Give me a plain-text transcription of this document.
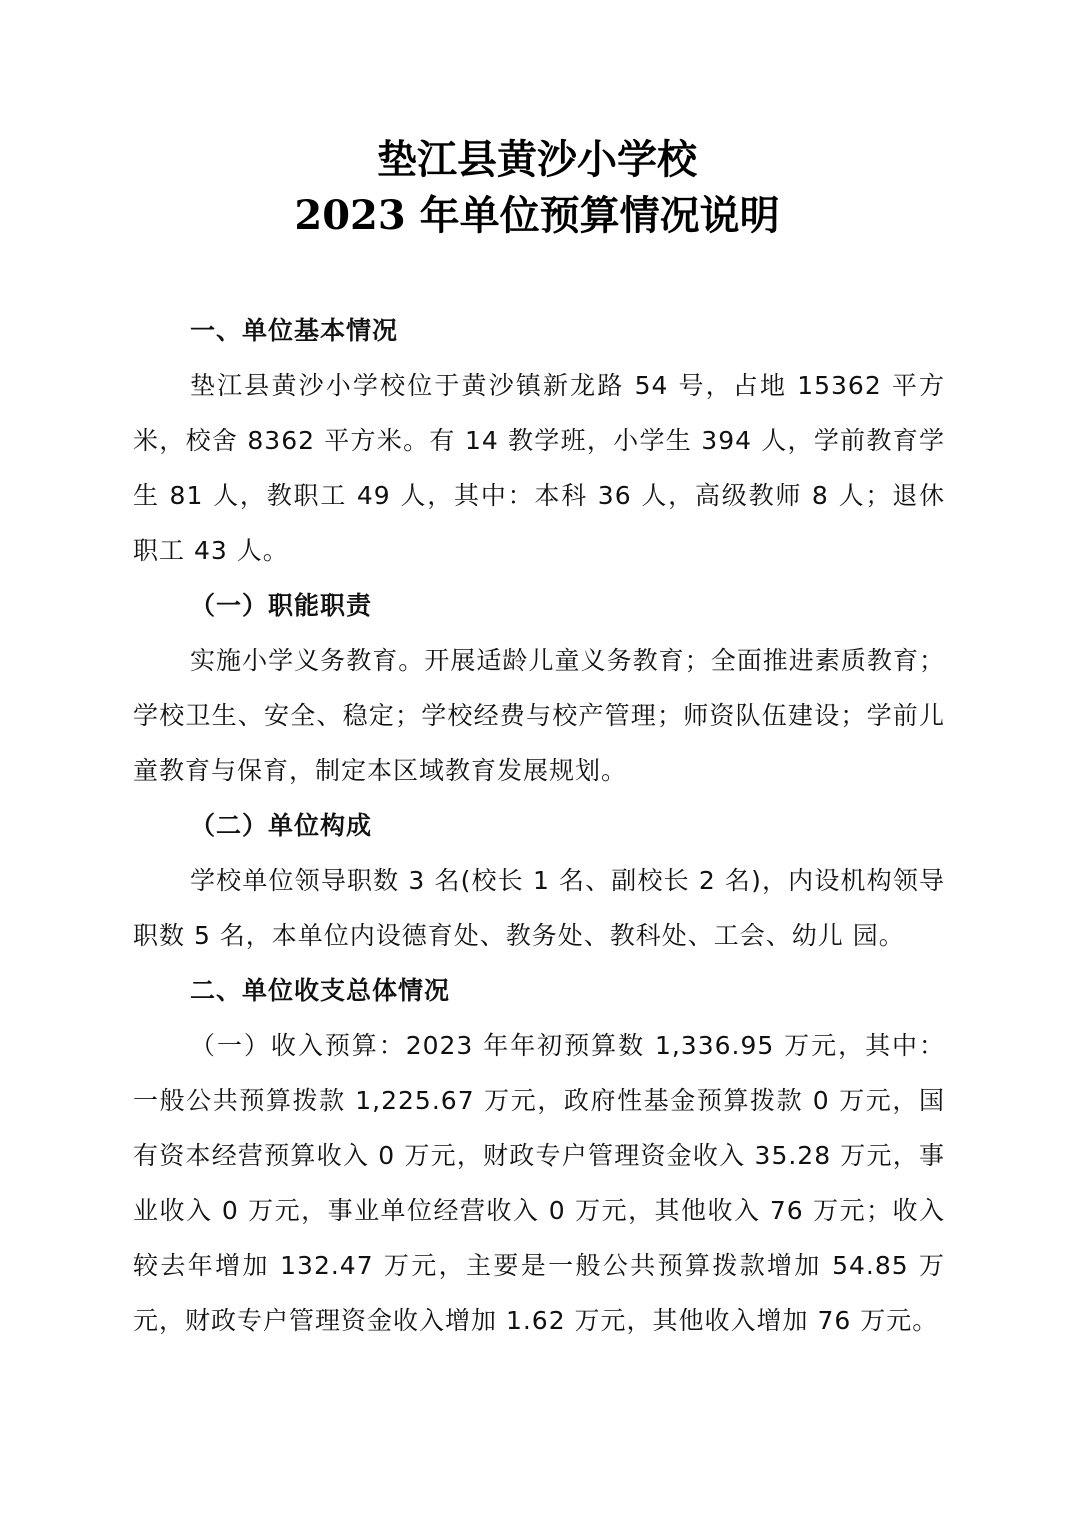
垫江县黄沙小学校
2023 年单位预算情况说明

一、单位基本情况

垫江县黄沙小学校位于黄沙镇新龙路 54 号，占地 15362 平方米，校舍 8362 平方米。有 14 教学班，小学生 394 人，学前教育学生 81 人，教职工 49 人，其中：本科 36 人，高级教师 8 人；退休职工 43 人。

（一）职能职责

实施小学义务教育。开展适龄儿童义务教育；全面推进素质教育；学校卫生、安全、稳定；学校经费与校产管理；师资队伍建设；学前儿童教育与保育，制定本区域教育发展规划。

（二）单位构成

学校单位领导职数 3 名(校长 1 名、副校长 2 名)，内设机构领导职数 5 名，本单位内设德育处、教务处、教科处、工会、幼儿 园。

二、单位收支总体情况

（一）收入预算：2023 年年初预算数 1,336.95 万元，其中：一般公共预算拨款 1,225.67 万元，政府性基金预算拨款 0 万元，国有资本经营预算收入 0 万元，财政专户管理资金收入 35.28 万元，事业收入 0 万元，事业单位经营收入 0 万元，其他收入 76 万元；收入较去年增加 132.47 万元，主要是一般公共预算拨款增加 54.85 万元，财政专户管理资金收入增加 1.62 万元，其他收入增加 76 万元。
